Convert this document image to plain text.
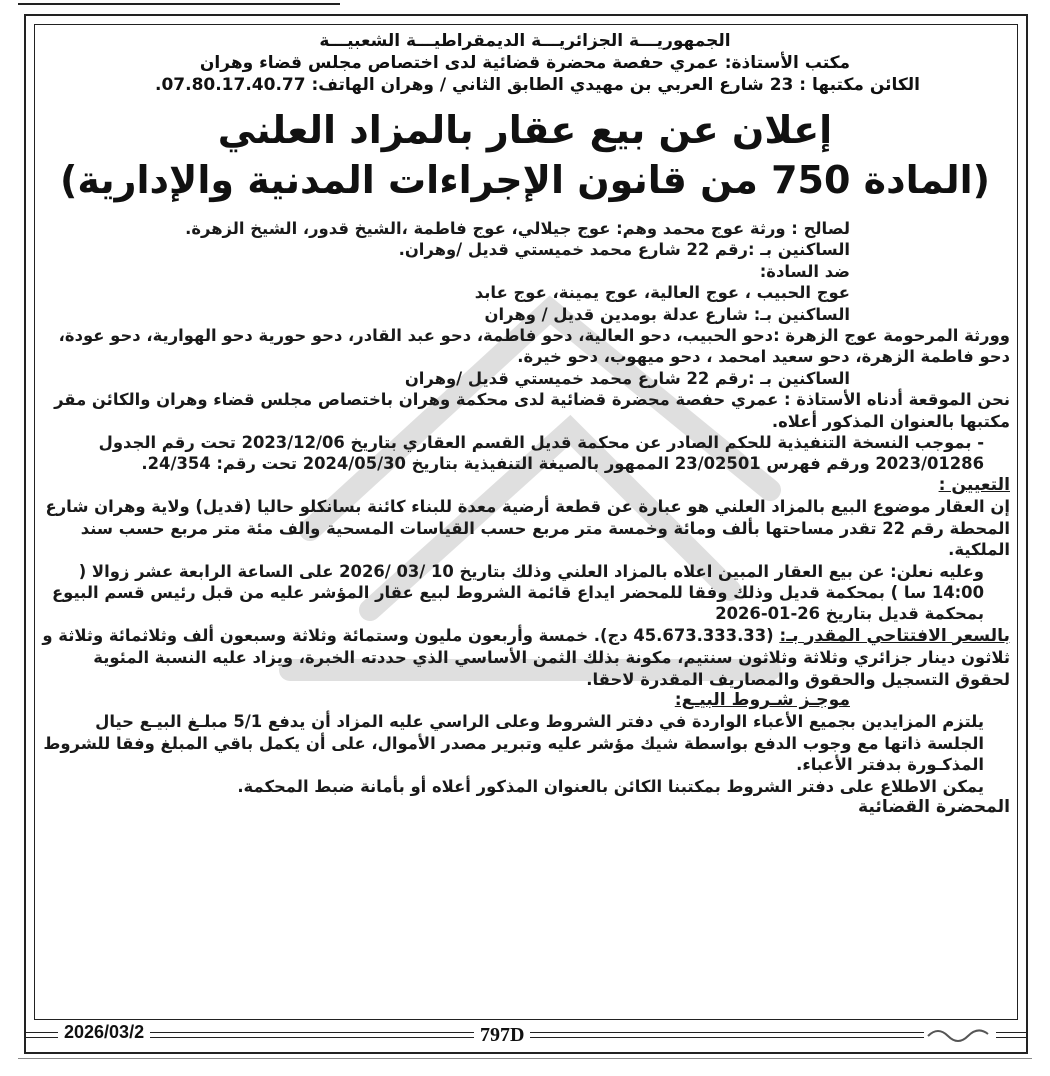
الجمهوريـــة الجزائريـــة الديمقراطيـــة الشعبيـــة

مكتب الأستاذة: عمري حفصة محضرة قضائية لدى اختصاص مجلس قضاء وهران

الكائن مكتبها : 23 شارع العربي بن مهيدي الطابق الثاني / وهران الهاتف: 07.80.17.40.77.

إعلان عن بيع عقار بالمزاد العلني
(المادة 750 من قانون الإجراءات المدنية والإدارية)

لصالح : ورثة عوج محمد وهم: عوج جيلالي، عوج فاطمة ،الشيخ قدور، الشيخ الزهرة.

الساكنين بـ :رقم 22 شارع محمد خميستي قديل /وهران.

ضد السادة:

عوج الحبيب ، عوج العالية، عوج يمينة، عوج عابد

الساكنين بـ: شارع عدلة بومدين قديل / وهران

وورثة المرحومة عوج الزهرة :دحو الحبيب، دحو العالية، دحو فاطمة، دحو عبد القادر، دحو حورية دحو الهوارية، دحو عودة، دحو فاطمة الزهرة، دحو سعيد امحمد ، دحو ميهوب، دحو خيرة.

الساكنين بـ :رقم 22 شارع محمد خميستي قديل /وهران

نحن الموقعة أدناه الأستاذة : عمري حفصة محضرة قضائية لدى محكمة وهران باختصاص مجلس قضاء وهران والكائن مقر مكتبها بالعنوان المذكور أعلاه.

- بموجب النسخة التنفيذية للحكم الصادر عن محكمة قديل القسم العقاري بتاريخ 2023/12/06 تحت رقم الجدول 2023/01286 ورقم فهرس 23/02501 الممهور بالصيغة التنفيذية بتاريخ 2024/05/30 تحت رقم: 24/354.

التعيين :

إن العقار موضوع البيع بالمزاد العلني هو عبارة عن قطعة أرضية معدة للبناء كائنة بسانكلو حاليا (قديل) ولاية وهران شارع المحطة رقم 22 تقدر مساحتها بألف ومائة وخمسة متر مربع حسب القياسات المسحية والف مئة متر مربع حسب سند الملكية.

وعليه نعلن: عن بيع العقار المبين اعلاه بالمزاد العلني وذلك بتاريخ 10 /03 /2026 على الساعة الرابعة عشر زوالا ( 14:00 سا ) بمحكمة قديل وذلك وفقا للمحضر ايداع قائمة الشروط لبيع عقار المؤشر عليه من قبل رئيس قسم البيوع بمحكمة قديل بتاريخ 26-01-2026

بالسعر الافتتاحي المقدر بـ: (45.673.333.33 دج). خمسة وأربعون مليون وستمائة وثلاثة وسبعون ألف وثلاثمائة وثلاثة و ثلاثون دينار جزائري وثلاثة وثلاثون سنتيم، مكونة بذلك الثمن الأساسي الذي حددته الخبرة، ويزاد عليه النسبة المئوية لحقوق التسجيل والحقوق والمصاريف المقدرة لاحقا.

موجـز شـروط البيـع:

يلتزم المزايدين بجميع الأعباء الواردة في دفتر الشروط وعلى الراسي عليه المزاد أن يدفع 5/1 مبلـغ البيـع حيال الجلسة ذاتها مع وجوب الدفع بواسطة شيك مؤشر عليه وتبرير مصدر الأموال، على أن يكمل باقي المبلغ وفقا للشروط المذكـورة بدفتر الأعباء.

يمكن الاطلاع على دفتر الشروط بمكتبنا الكائن بالعنوان المذكور أعلاه أو بأمانة ضبط المحكمة.

المحضرة القضائية

2026/03/2	797D
